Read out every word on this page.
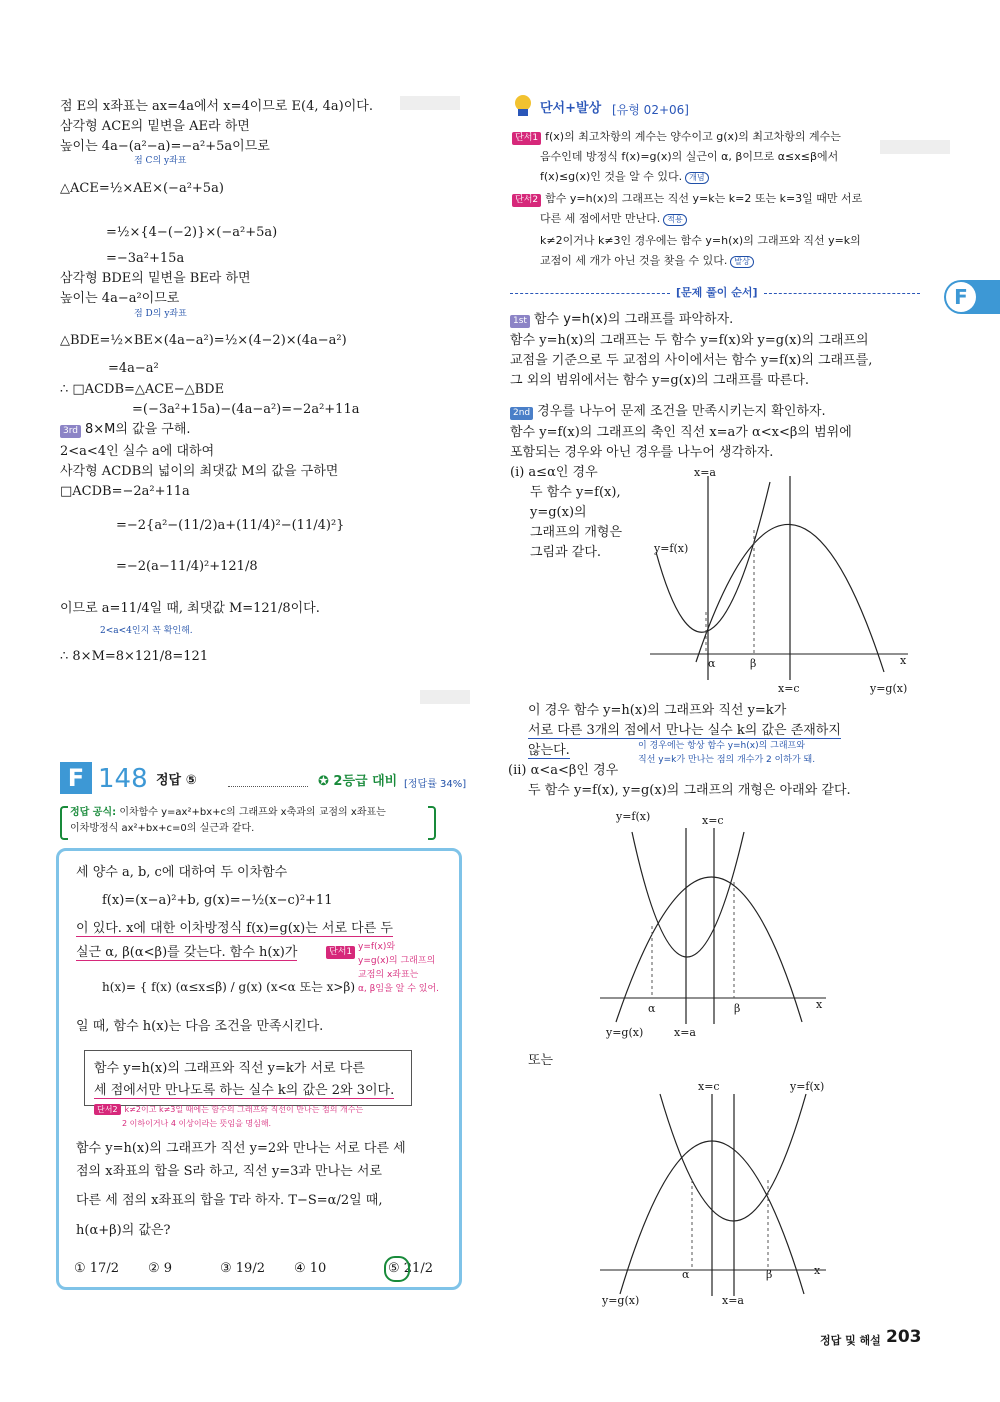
F
점 E의 x좌표는 ax=4a에서 x=4이므로 E(4, 4a)이다.
삼각형 ACE의 밑변을 AE라 하면
높이는 4a−(a²−a)=−a²+5a이므로
점 C의 y좌표
△ACE=½×AE×(−a²+5a)
=½×{4−(−2)}×(−a²+5a)
=−3a²+15a
삼각형 BDE의 밑변을 BE라 하면
높이는 4a−a²이므로
점 D의 y좌표
△BDE=½×BE×(4a−a²)=½×(4−2)×(4a−a²)
=4a−a²
∴ □ACDB=△ACE−△BDE
=(−3a²+15a)−(4a−a²)=−2a²+11a
3rd 8×M의 값을 구해.
2<a<4인 실수 a에 대하여
사각형 ACDB의 넓이의 최댓값 M의 값을 구하면
□ACDB=−2a²+11a
=−2{a²−(11/2)a+(11/4)²−(11/4)²}
=−2(a−11/4)²+121/8
이므로 a=11/4일 때, 최댓값 M=121/8이다.
2<a<4인지 꼭 확인해.
∴ 8×M=8×121/8=121
F 148 정답 ⑤	✪ 2등급 대비 [정답률 34%]
정답 공식: 이차함수 y=ax²+bx+c의 그래프와 x축과의 교점의 x좌표는
이차방정식 ax²+bx+c=0의 실근과 같다.
세 양수 a, b, c에 대하여 두 이차함수
f(x)=(x−a)²+b, g(x)=−½(x−c)²+11
이 있다. x에 대한 이차방정식 f(x)=g(x)는 서로 다른 두
실근 α, β(α<β)를 갖는다. 함수 h(x)가	단서1 y=f(x)와
y=g(x)의 그래프의
교점의 x좌표는
α, β임을 알 수 있어.
h(x)= { f(x) (α≤x≤β) / g(x) (x<α 또는 x>β)
일 때, 함수 h(x)는 다음 조건을 만족시킨다.
함수 y=h(x)의 그래프와 직선 y=k가 서로 다른
세 점에서만 만나도록 하는 실수 k의 값은 2와 3이다.
단서2 k≠2이고 k≠3일 때에는 함수의 그래프와 직선이 만나는 점의 개수는
2 이하이거나 4 이상이라는 뜻임을 명심해.
함수 y=h(x)의 그래프가 직선 y=2와 만나는 서로 다른 세
점의 x좌표의 합을 S라 하고, 직선 y=3과 만나는 서로
다른 세 점의 x좌표의 합을 T라 하자. T−S=α/2일 때,
h(α+β)의 값은?
① 17/2 ② 9	③ 19/2 ④ 10	⑤ 21/2
단서+발상 [유형 02+06]
단서1 f(x)의 최고차항의 계수는 양수이고 g(x)의 최고차항의 계수는
음수인데 방정식 f(x)=g(x)의 실근이 α, β이므로 α≤x≤β에서
f(x)≤g(x)인 것을 알 수 있다. 개념
단서2 함수 y=h(x)의 그래프는 직선 y=k는 k=2 또는 k=3일 때만 서로
다른 세 점에서만 만난다. 적용
k≠2이거나 k≠3인 경우에는 함수 y=h(x)의 그래프와 직선 y=k의
교점이 세 개가 아닌 것을 찾을 수 있다. 발상
[문제 풀이 순서]
1st 함수 y=h(x)의 그래프를 파악하자.
함수 y=h(x)의 그래프는 두 함수 y=f(x)와 y=g(x)의 그래프의
교점을 기준으로 두 교점의 사이에서는 함수 y=f(x)의 그래프를,
그 외의 범위에서는 함수 y=g(x)의 그래프를 따른다.
2nd 경우를 나누어 문제 조건을 만족시키는지 확인하자.
함수 y=f(x)의 그래프의 축인 직선 x=a가 α<x<β의 범위에
포함되는 경우와 아닌 경우를 나누어 생각하자.
(i) a≤α인 경우
두 함수 y=f(x),
y=g(x)의
그래프의 개형은
그림과 같다.
x=a
y=f(x)
α	β	x
x=c	y=g(x)
이 경우 함수 y=h(x)의 그래프와 직선 y=k가
서로 다른 3개의 점에서 만나는 실수 k의 값은 존재하지
않는다.	이 경우에는 항상 함수 y=h(x)의 그래프와
직선 y=k가 만나는 점의 개수가 2 이하가 돼.
(ii) α<a<β인 경우
두 함수 y=f(x), y=g(x)의 그래프의 개형은 아래와 같다.
y=f(x)	x=c
α	β	x
y=g(x)	x=a
또는
x=c	y=f(x)
α	β	x
y=g(x)	x=a
정답 및 해설 203
